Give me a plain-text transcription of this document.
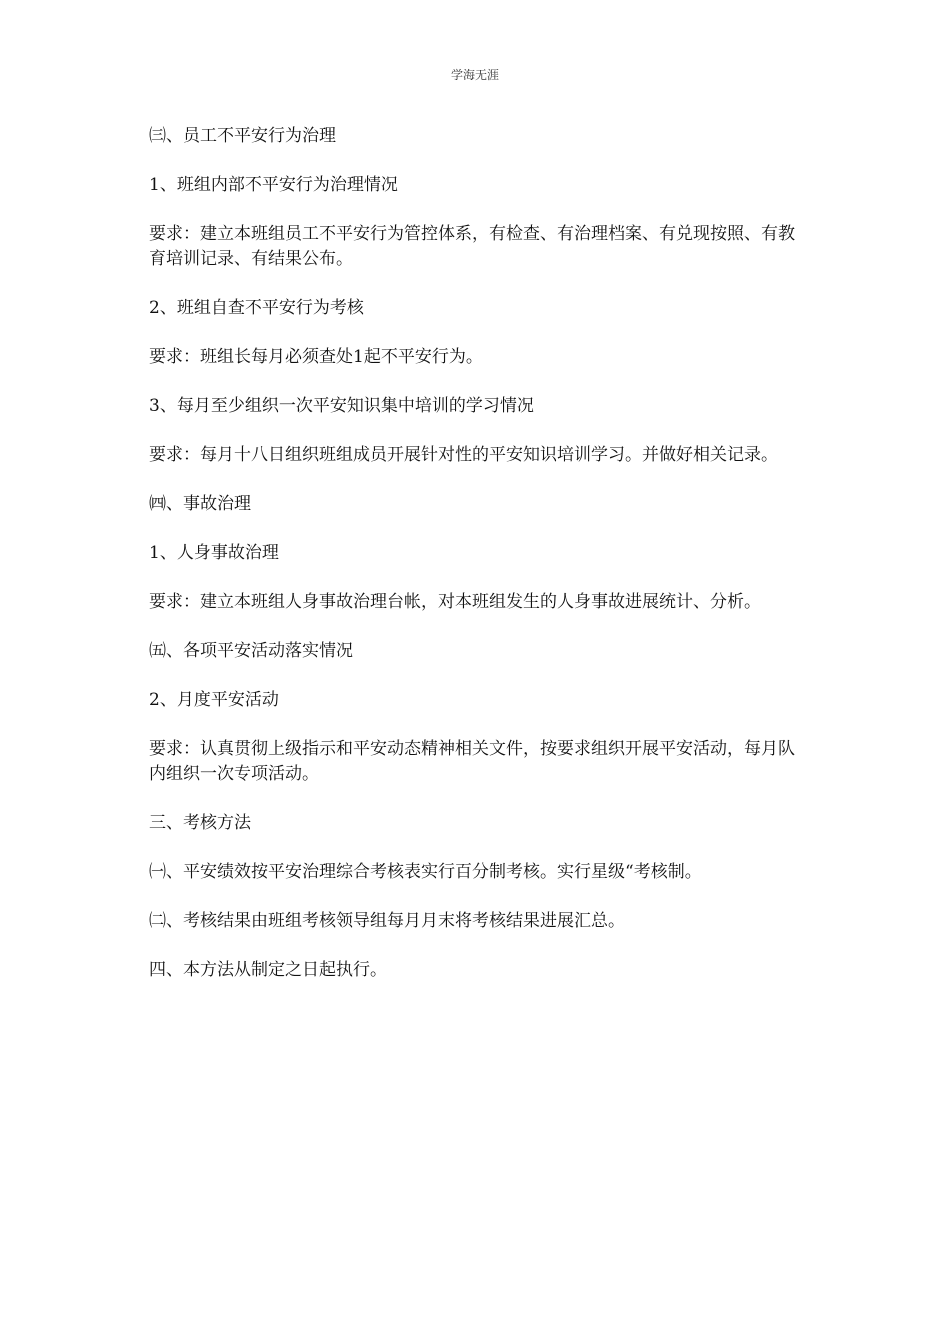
学海无涯

㈢、员工不平安行为治理

1、班组内部不平安行为治理情况

要求：建立本班组员工不平安行为管控体系，有检查、有治理档案、有兑现按照、有教育培训记录、有结果公布。

2、班组自查不平安行为考核

要求：班组长每月必须查处1起不平安行为。

3、每月至少组织一次平安知识集中培训的学习情况

要求：每月十八日组织班组成员开展针对性的平安知识培训学习。并做好相关记录。

㈣、事故治理

1、人身事故治理

要求：建立本班组人身事故治理台帐，对本班组发生的人身事故进展统计、分析。

㈤、各项平安活动落实情况

2、月度平安活动

要求：认真贯彻上级指示和平安动态精神相关文件，按要求组织开展平安活动，每月队内组织一次专项活动。

三、考核方法

㈠、平安绩效按平安治理综合考核表实行百分制考核。实行星级“考核制。

㈡、考核结果由班组考核领导组每月月末将考核结果进展汇总。

四、本方法从制定之日起执行。
